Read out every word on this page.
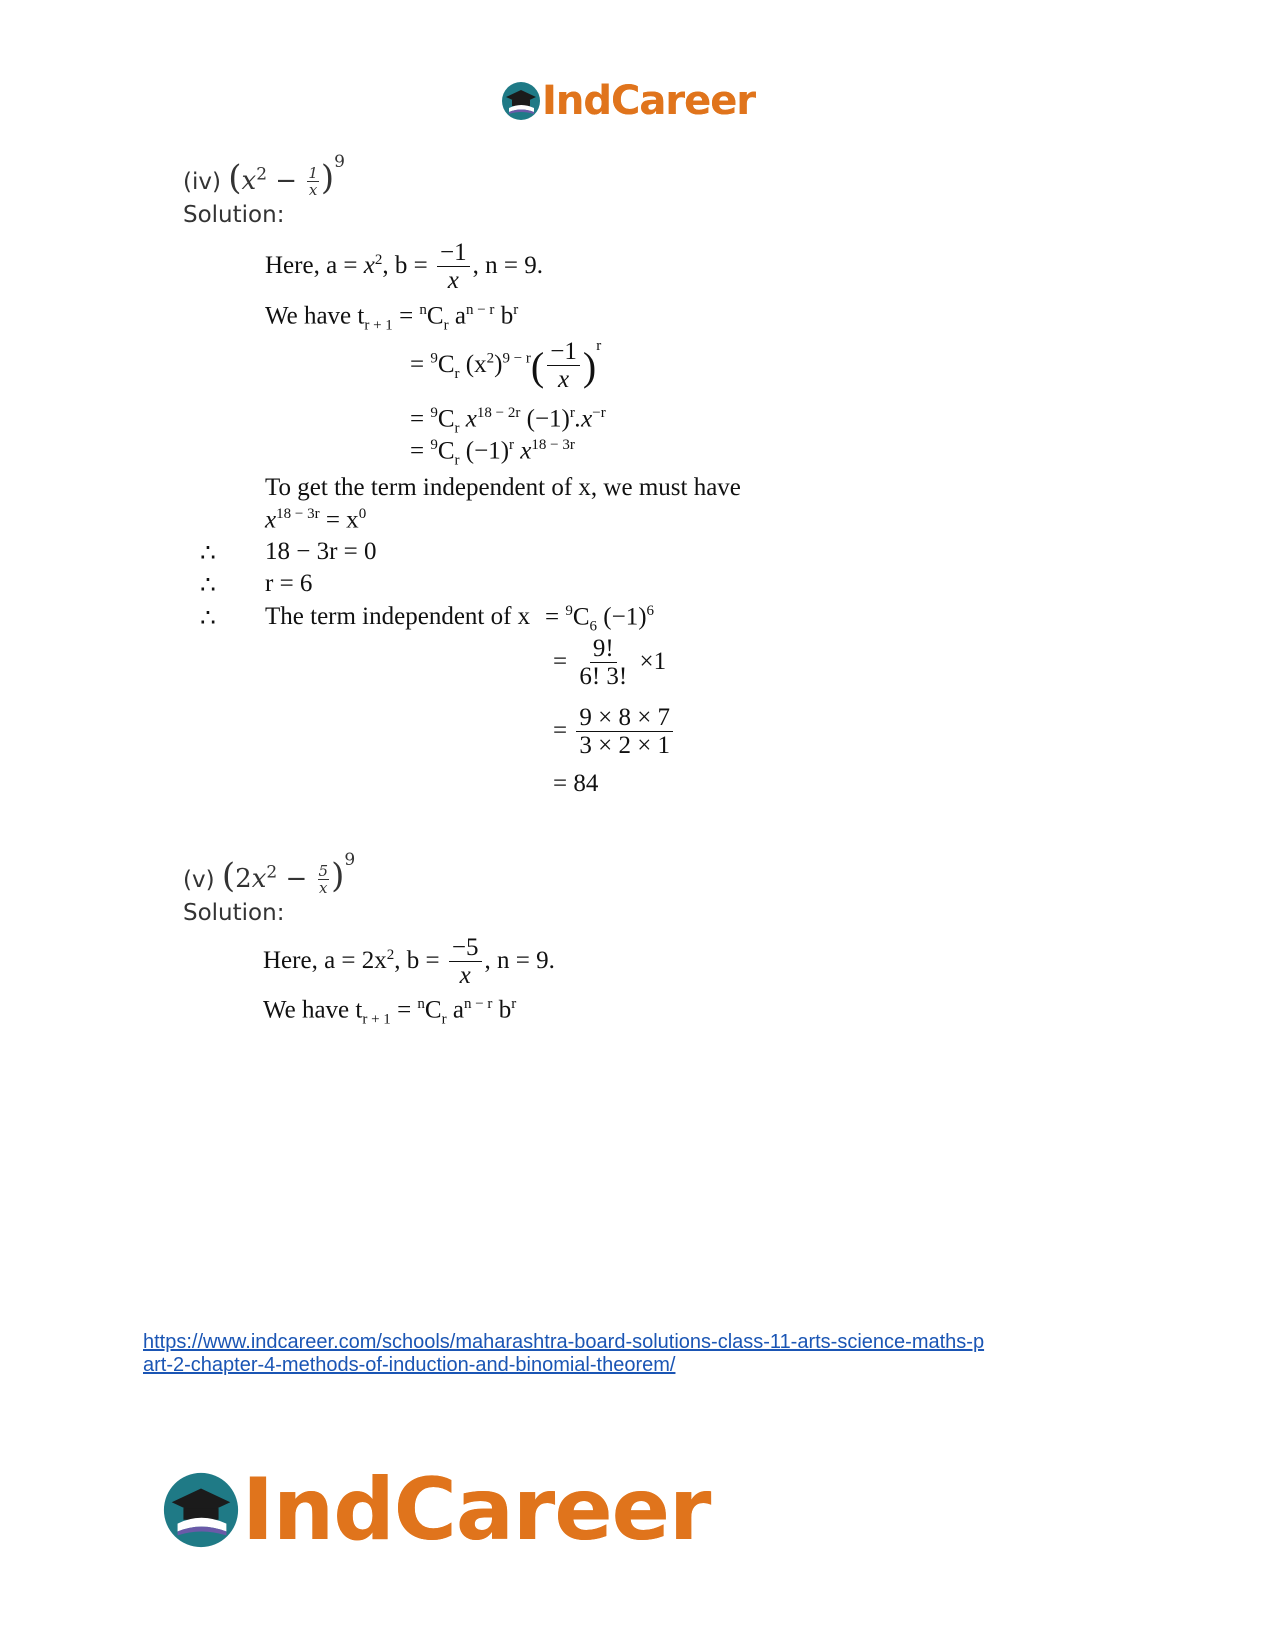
IndCareer
(iv) $(x^2 - \frac{1}{x} )^9$
Solution:
Here, $a = x^2$, $b = \frac{-1}{x}$ , n = 9.
We have $t_{r + 1} = ^nC_r$ $a^{n - r}$ $b^r$
= $^9C_r$ $(x^2)^{9 - r}( \frac{-1}{x} )^r$
= $^9C_r$ $x^{18 - 2r}$ $(-1)^r.x^{-r}$
= $^9C_r$ $(-1)^r$ $x^{18 - 3r}$
To get the term independent of x, we must have
$x^{18 - 3r} = x^0$
∴ 18 − 3r = 0
∴ r = 6
∴ The term independent of $x = ^9C_6$ $(-1)^6$
= $\frac{9!}{6! 3!} \times 1$
= $\frac{9 \times 8 \times 7}{3 \times 2 \times 1}$
= 84
(v) $(2x^2 - \frac{5}{x} )^9$
Solution:
Here, $a = 2x^2$, $b = \frac{-5}{x}$ , n = 9.
We have $t_{r + 1} = ^nC_r$ $a^{n - r}$ $b^r$
https://www.indcareer.com/schools/maharashtra-board-solutions-class-11-arts-science-maths-p
art-2-chapter-4-methods-of-induction-and-binomial-theorem/
IndCareer
